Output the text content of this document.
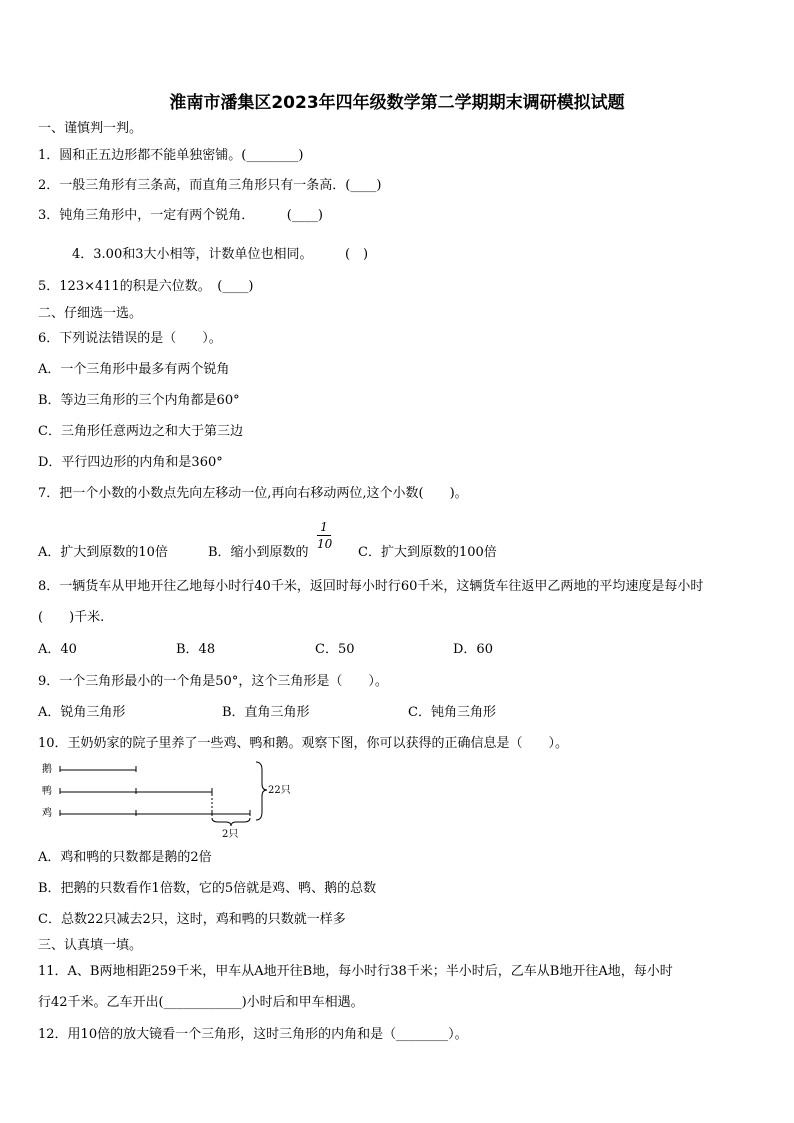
淮南市潘集区2023年四年级数学第二学期期末调研模拟试题
一、谨慎判一判。
1．圆和正五边形都不能单独密铺。(________)
2．一般三角形有三条高，而直角三角形只有一条高．(____)
3．钝角三角形中，一定有两个锐角．　　　(____)
4．3.00和3大小相等，计数单位也相同。　　　(　)
5．123×411的积是六位数。　(____)
二、仔细选一选。
6．下列说法错误的是（　　）。
A．一个三角形中最多有两个锐角
B．等边三角形的三个内角都是60°
C．三角形任意两边之和大于第三边
D．平行四边形的内角和是360°
7．把一个小数的小数点先向左移动一位,再向右移动两位,这个小数(　　)。
A．扩大到原数的10倍	B．缩小到原数的
1
10
C．扩大到原数的100倍
8．一辆货车从甲地开往乙地每小时行40千米，返回时每小时行60千米，这辆货车往返甲乙两地的平均速度是每小时
(　　)千米.
A．40	B．48	C．50	D．60
9．一个三角形最小的一个角是50°，这个三角形是（　　）。
A．锐角三角形	B．直角三角形	C．钝角三角形
10．王奶奶家的院子里养了一些鸡、鸭和鹅。观察下图，你可以获得的正确信息是（　　）。
鹅
鸭
鸡
22只
2只
A．鸡和鸭的只数都是鹅的2倍
B．把鹅的只数看作1倍数，它的5倍就是鸡、鸭、鹅的总数
C．总数22只减去2只，这时，鸡和鸭的只数就一样多
三、认真填一填。
11．A、B两地相距259千米，甲车从A地开往B地，每小时行38千米；半小时后，乙车从B地开往A地，每小时
行42千米。乙车开出(____________)小时后和甲车相遇。
12．用10倍的放大镜看一个三角形，这时三角形的内角和是（________）。
